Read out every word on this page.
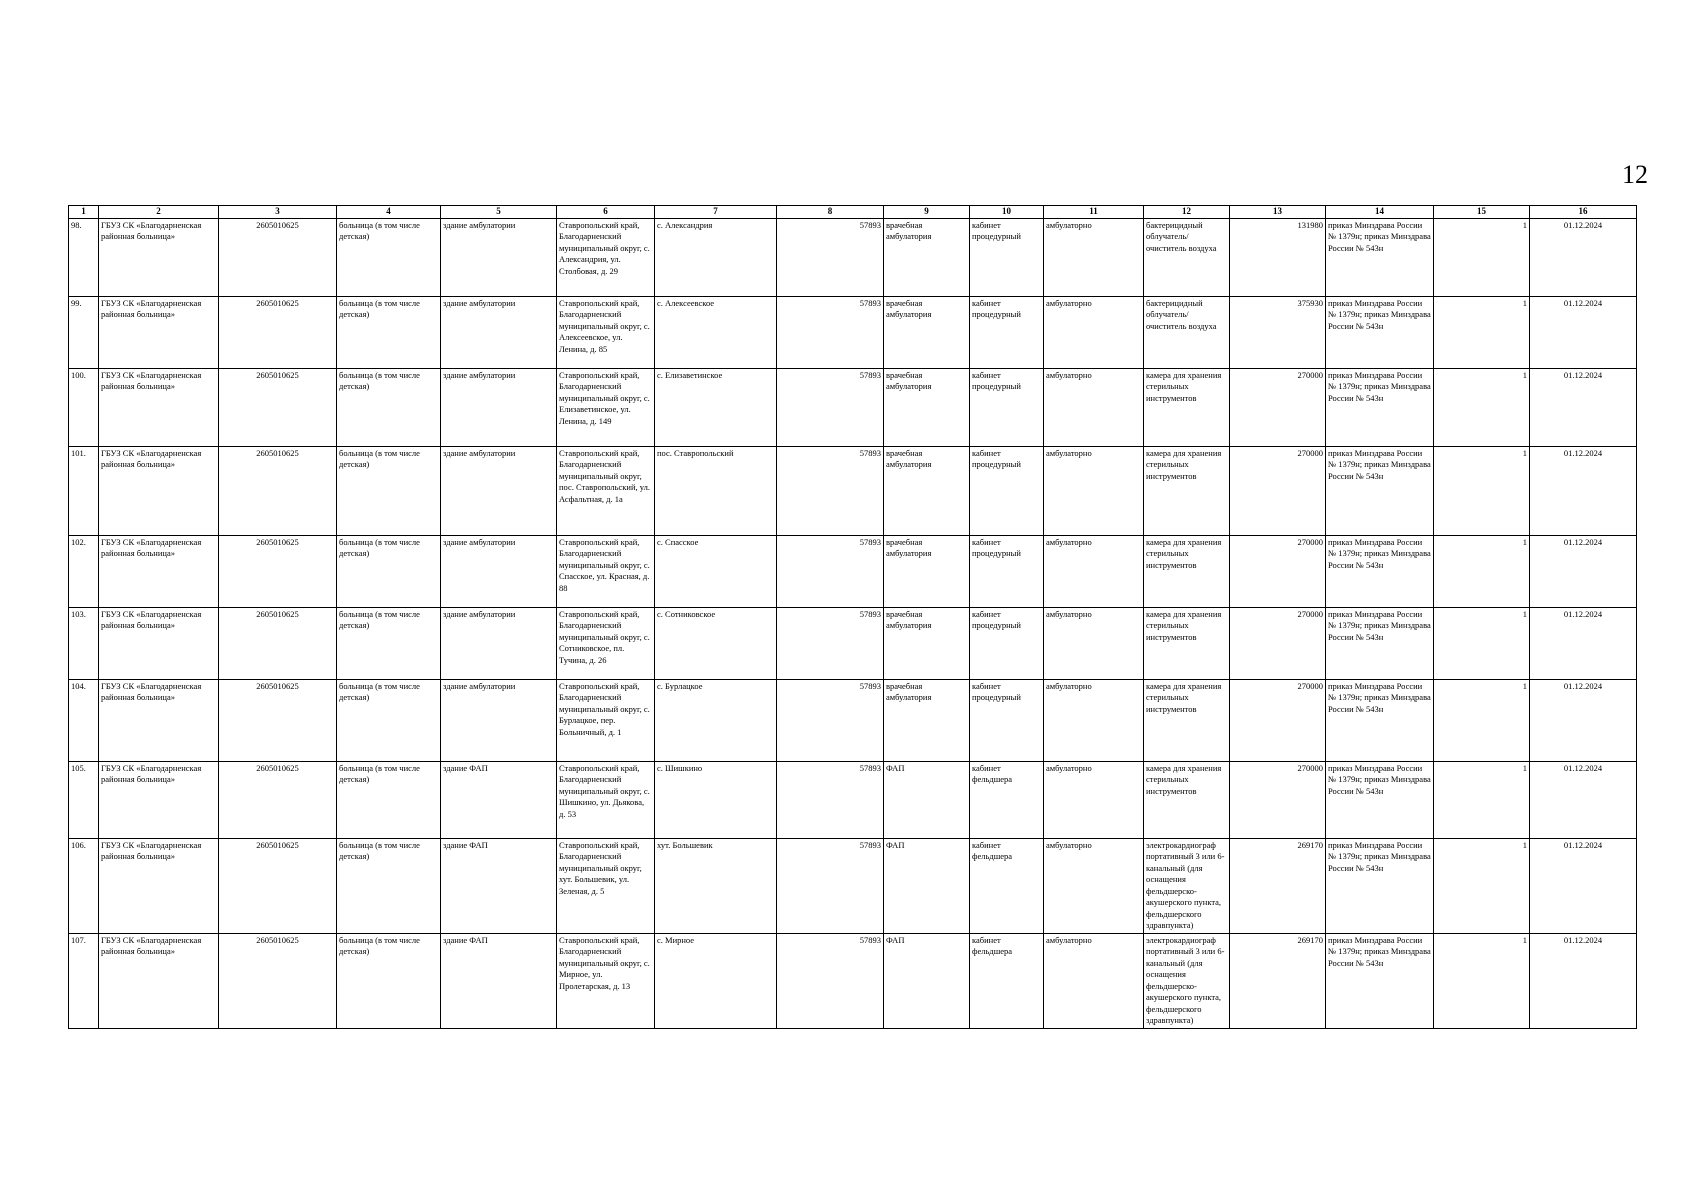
12
1	2	3	4	5	6	7	8	9	10	11	12	13	14	15	16
98.	ГБУЗ СК «Благодарненская районная больница»	2605010625	больница (в том числе детская)	здание амбулатории	Ставропольский край, Благодарненский муниципальный округ, с. Александрия, ул. Столбовая, д. 29	с. Александрия	57893	врачебная амбулатория	кабинет процедурный	амбулаторно	бактерицидный облучатель/очиститель воздуха	131980	приказ Минздрава России № 1379н; приказ Минздрава России № 543н	1	01.12.2024
99.	ГБУЗ СК «Благодарненская районная больница»	2605010625	больница (в том числе детская)	здание амбулатории	Ставропольский край, Благодарненский муниципальный округ, с. Алексеевское, ул. Ленина, д. 85	с. Алексеевское	57893	врачебная амбулатория	кабинет процедурный	амбулаторно	бактерицидный облучатель/очиститель воздуха	375930	приказ Минздрава России № 1379н; приказ Минздрава России № 543н	1	01.12.2024
100.	ГБУЗ СК «Благодарненская районная больница»	2605010625	больница (в том числе детская)	здание амбулатории	Ставропольский край, Благодарненский муниципальный округ, с. Елизаветинское, ул. Ленина, д. 149	с. Елизаветинское	57893	врачебная амбулатория	кабинет процедурный	амбулаторно	камера для хранения стерильных инструментов	270000	приказ Минздрава России № 1379н; приказ Минздрава России № 543н	1	01.12.2024
101.	ГБУЗ СК «Благодарненская районная больница»	2605010625	больница (в том числе детская)	здание амбулатории	Ставропольский край, Благодарненский муниципальный округ, пос. Ставропольский, ул. Асфальтная, д. 1а	пос. Ставропольский	57893	врачебная амбулатория	кабинет процедурный	амбулаторно	камера для хранения стерильных инструментов	270000	приказ Минздрава России № 1379н; приказ Минздрава России № 543н	1	01.12.2024
102.	ГБУЗ СК «Благодарненская районная больница»	2605010625	больница (в том числе детская)	здание амбулатории	Ставропольский край, Благодарненский муниципальный округ, с. Спасское, ул. Красная, д. 88	с. Спасское	57893	врачебная амбулатория	кабинет процедурный	амбулаторно	камера для хранения стерильных инструментов	270000	приказ Минздрава России № 1379н; приказ Минздрава России № 543н	1	01.12.2024
103.	ГБУЗ СК «Благодарненская районная больница»	2605010625	больница (в том числе детская)	здание амбулатории	Ставропольский край, Благодарненский муниципальный округ, с. Сотниковское, пл. Тучина, д. 26	с. Сотниковское	57893	врачебная амбулатория	кабинет процедурный	амбулаторно	камера для хранения стерильных инструментов	270000	приказ Минздрава России № 1379н; приказ Минздрава России № 543н	1	01.12.2024
104.	ГБУЗ СК «Благодарненская районная больница»	2605010625	больница (в том числе детская)	здание амбулатории	Ставропольский край, Благодарненский муниципальный округ, с. Бурлацкое, пер. Больничный, д. 1	с. Бурлацкое	57893	врачебная амбулатория	кабинет процедурный	амбулаторно	камера для хранения стерильных инструментов	270000	приказ Минздрава России № 1379н; приказ Минздрава России № 543н	1	01.12.2024
105.	ГБУЗ СК «Благодарненская районная больница»	2605010625	больница (в том числе детская)	здание ФАП	Ставропольский край, Благодарненский муниципальный округ, с. Шишкино, ул. Дьякова, д. 53	с. Шишкино	57893	ФАП	кабинет фельдшера	амбулаторно	камера для хранения стерильных инструментов	270000	приказ Минздрава России № 1379н; приказ Минздрава России № 543н	1	01.12.2024
106.	ГБУЗ СК «Благодарненская районная больница»	2605010625	больница (в том числе детская)	здание ФАП	Ставропольский край, Благодарненский муниципальный округ, хут. Большевик, ул. Зеленая, д. 5	хут. Большевик	57893	ФАП	кабинет фельдшера	амбулаторно	электрокардиограф портативный 3 или 6-канальный (для оснащения фельдшерско-акушерского пункта, фельдшерского здравпункта)	269170	приказ Минздрава России № 1379н; приказ Минздрава России № 543н	1	01.12.2024
107.	ГБУЗ СК «Благодарненская районная больница»	2605010625	больница (в том числе детская)	здание ФАП	Ставропольский край, Благодарненский муниципальный округ, с. Мирное, ул. Пролетарская, д. 13	с. Мирное	57893	ФАП	кабинет фельдшера	амбулаторно	электрокардиограф портативный 3 или 6-канальный (для оснащения фельдшерско-акушерского пункта, фельдшерского здравпункта)	269170	приказ Минздрава России № 1379н; приказ Минздрава России № 543н	1	01.12.2024
